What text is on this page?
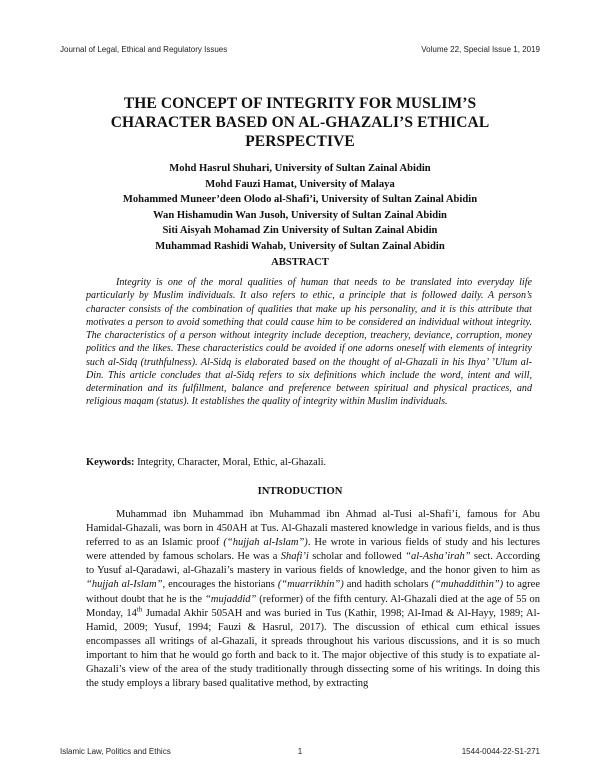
Journal of Legal, Ethical and Regulatory Issues	Volume 22, Special Issue 1, 2019
THE CONCEPT OF INTEGRITY FOR MUSLIM’S
CHARACTER BASED ON AL-GHAZALI’S ETHICAL
PERSPECTIVE
Mohd Hasrul Shuhari, University of Sultan Zainal Abidin
Mohd Fauzi Hamat, University of Malaya
Mohammed Muneer’deen Olodo al-Shafi’i, University of Sultan Zainal Abidin
Wan Hishamudin Wan Jusoh, University of Sultan Zainal Abidin
Siti Aisyah Mohamad Zin University of Sultan Zainal Abidin
Muhammad Rashidi Wahab, University of Sultan Zainal Abidin
ABSTRACT

Integrity is one of the moral qualities of human that needs to be translated into everyday life particularly by Muslim individuals. It also refers to ethic, a principle that is followed daily. A person’s character consists of the combination of qualities that make up his personality, and it is this attribute that motivates a person to avoid something that could cause him to be considered an individual without integrity. The characteristics of a person without integrity include deception, treachery, deviance, corruption, money politics and the likes. These characteristics could be avoided if one adorns oneself with elements of integrity such al-Sidq (truthfulness). Al-Sidq is elaborated based on the thought of al-Ghazali in his Ihya’ ’Ulum al-Din. This article concludes that al-Sidq refers to six definitions which include the word, intent and will, determination and its fulfillment, balance and preference between spiritual and physical practices, and religious maqam (status). It establishes the quality of integrity within Muslim individuals.

Keywords: Integrity, Character, Moral, Ethic, al-Ghazali.
INTRODUCTION

Muhammad ibn Muhammad ibn Muhammad ibn Ahmad al-Tusi al-Shafi’i, famous for Abu Hamidal-Ghazali, was born in 450AH at Tus. Al-Ghazali mastered knowledge in various fields, and is thus referred to as an Islamic proof (“hujjah al-Islam”). He wrote in various fields of study and his lectures were attended by famous scholars. He was a Shafi’i scholar and followed “al-Asha’irah” sect. According to Yusuf al-Qaradawi, al-Ghazali’s mastery in various fields of knowledge, and the honor given to him as “hujjah al-Islam”, encourages the historians (“muarrikhin”) and hadith scholars (“muhaddithin”) to agree without doubt that he is the “mujaddid” (reformer) of the fifth century. Al-Ghazali died at the age of 55 on Monday, 14th Jumadal Akhir 505AH and was buried in Tus (Kathir, 1998; Al-Imad & Al-Hayy, 1989; Al-Hamid, 2009; Yusuf, 1994; Fauzi & Hasrul, 2017). The discussion of ethical cum ethical issues encompasses all writings of al-Ghazali, it spreads throughout his various discussions, and it is so much important to him that he would go forth and back to it. The major objective of this study is to expatiate al-Ghazali’s view of the area of the study traditionally through dissecting some of his writings. In doing this the study employs a library based qualitative method, by extracting

Islamic Law, Politics and Ethics	1	1544-0044-22-S1-271
